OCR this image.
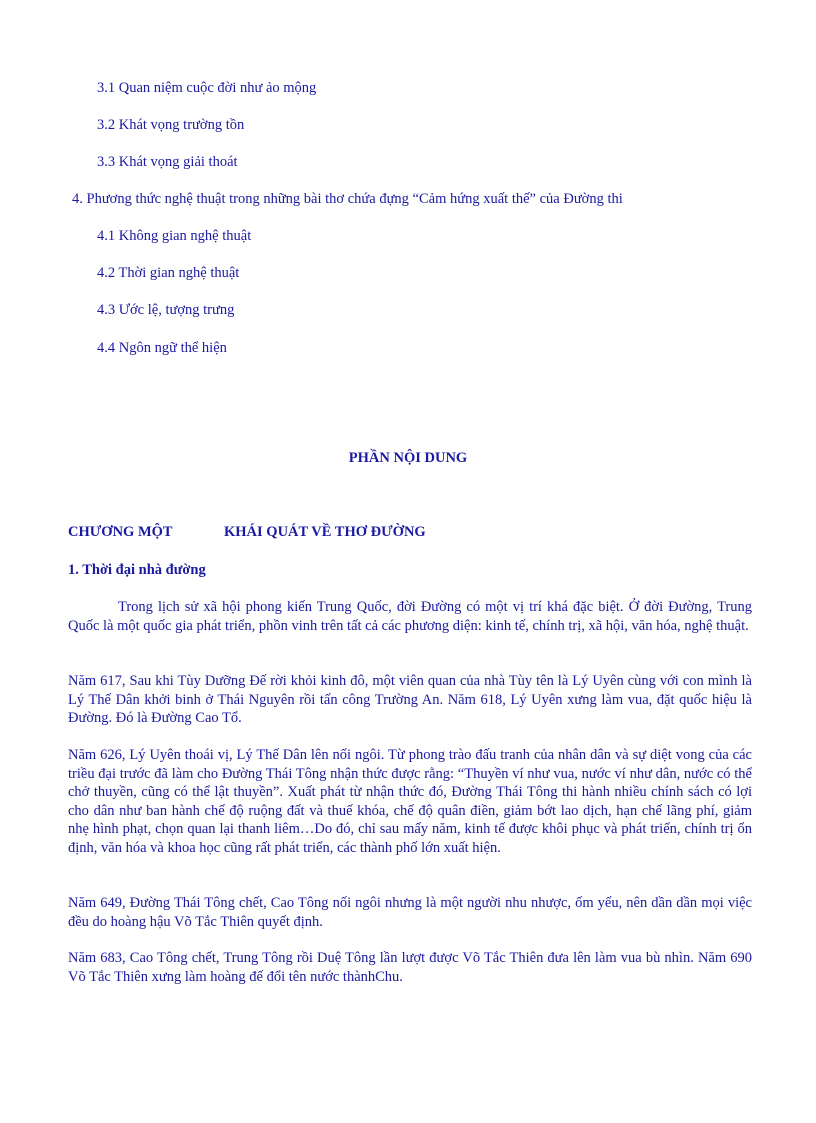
3.1 Quan niệm cuộc đời như ảo mộng
3.2 Khát vọng trường tồn
3.3 Khát vọng giải thoát
4. Phương thức nghệ thuật trong những bài thơ chứa đựng “Cảm hứng xuất thế” của Đường thi
4.1 Không gian nghệ thuật
4.2 Thời gian nghệ thuật
4.3 Ước lệ, tượng trưng
4.4 Ngôn ngữ thể hiện
PHẦN NỘI DUNG
CHƯƠNG MỘT	KHÁI QUÁT VỀ THƠ ĐƯỜNG
1. Thời đại nhà đường
Trong lịch sử xã hội phong kiến Trung Quốc, đời Đường có một vị trí khá đặc biệt. Ở đời Đường, Trung Quốc là một quốc gia phát triển, phồn vinh trên tất cả các phương diện: kinh tế, chính trị, xã hội, văn hóa, nghệ thuật.
Năm 617, Sau khi Tùy Dưỡng Đế rời khỏi kinh đô, một viên quan của nhà Tùy tên là Lý Uyên cùng với con mình là Lý Thế Dân khởi binh ở Thái Nguyên rồi tấn công Trường An. Năm 618, Lý Uyên xưng làm vua, đặt quốc hiệu là Đường. Đó là Đường Cao Tổ.
Năm 626, Lý Uyên thoái vị, Lý Thế Dân lên nối ngôi. Từ phong trào đấu tranh của nhân dân và sự diệt vong của các triều đại trước đã làm cho Đường Thái Tông nhận thức được rằng: “Thuyền ví như vua, nước ví như dân, nước có thể chở thuyền, cũng có thể lật thuyền”. Xuất phát từ nhận thức đó, Đường Thái Tông thi hành nhiều chính sách có lợi cho dân như ban hành chế độ ruộng đất và thuế khóa, chế độ quân điền, giảm bớt lao dịch, hạn chế lãng phí, giảm nhẹ hình phạt, chọn quan lại thanh liêm…Do đó, chỉ sau mấy năm, kinh tế được khôi phục và phát triển, chính trị ổn định, văn hóa và khoa học cũng rất phát triển, các thành phố lớn xuất hiện.
Năm 649, Đường Thái Tông chết, Cao Tông nối ngôi nhưng là một người nhu nhược, ốm yếu, nên dần dần mọi việc đều do hoàng hậu Võ Tắc Thiên quyết định.
Năm 683, Cao Tông chết, Trung Tông rồi Duệ Tông lần lượt được Võ Tắc Thiên đưa lên làm vua bù nhìn. Năm 690 Võ Tắc Thiên xưng làm hoàng đế đổi tên nước thànhChu.
